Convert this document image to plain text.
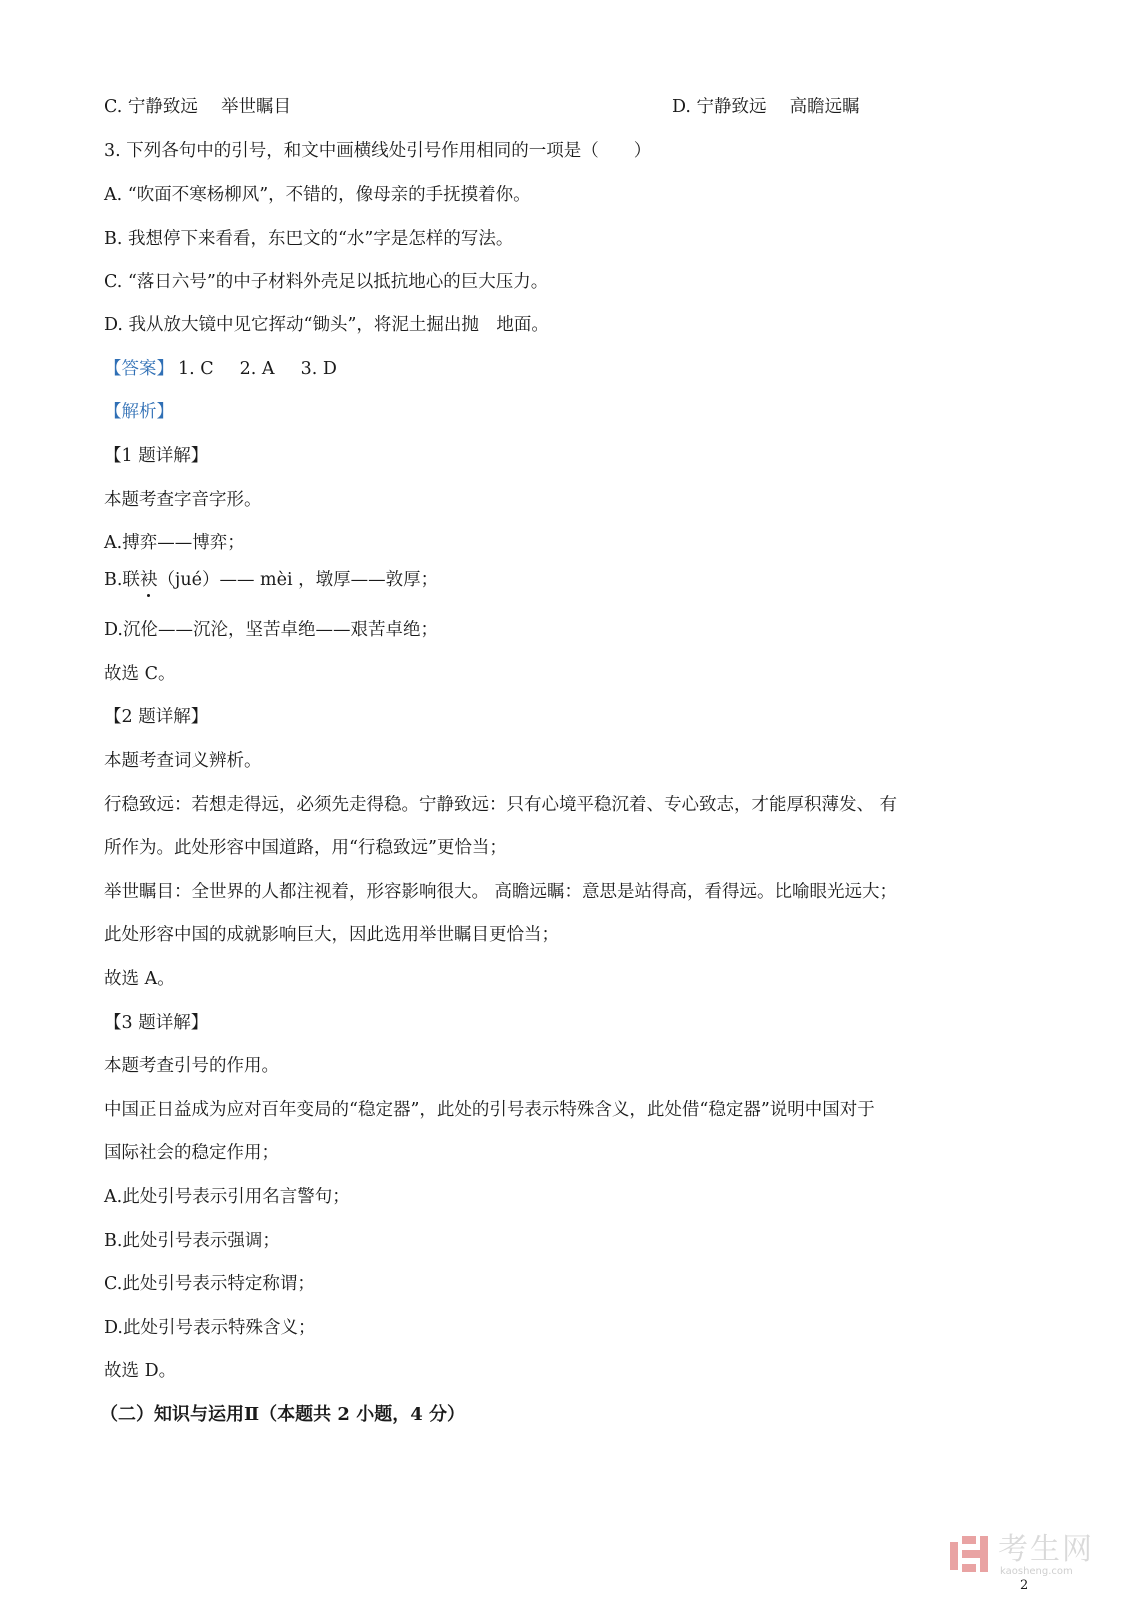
C. 宁静致远　 举世瞩目	D. 宁静致远　 高瞻远瞩
3. 下列各句中的引号，和文中画横线处引号作用相同的一项是（　　）
A. “吹面不寒杨柳风”，不错的，像母亲的手抚摸着你。
B. 我想停下来看看，东巴文的“水”字是怎样的写法。
C. “落日六号”的中子材料外壳足以抵抗地心的巨大压力。
D. 我从放大镜中见它挥动“锄头”，将泥土掘出抛　地面。
【答案】 1. C 2. A 3. D
【解析】
【1 题详解】
本题考查字音字形。
A.搏弈——博弈；
B.联袂（jué）—— mèi ，墩厚——敦厚；
D.沉伦——沉沦，坚苦卓绝——艰苦卓绝；
故选 C。
【2 题详解】
本题考查词义辨析。
行稳致远：若想走得远，必须先走得稳。宁静致远：只有心境平稳沉着、专心致志，才能厚积薄发、 有
所作为。此处形容中国道路，用“行稳致远”更恰当；
举世瞩目：全世界的人都注视着，形容影响很大。 高瞻远瞩：意思是站得高，看得远。比喻眼光远大；
此处形容中国的成就影响巨大，因此选用举世瞩目更恰当；
故选 A。
【3 题详解】
本题考查引号的作用。
中国正日益成为应对百年变局的“稳定器”，此处的引号表示特殊含义，此处借“稳定器”说明中国对于
国际社会的稳定作用；
A.此处引号表示引用名言警句；
B.此处引号表示强调；
C.此处引号表示特定称谓；
D.此处引号表示特殊含义；
故选 D。
（二）知识与运用Ⅱ（本题共 2 小题，4 分）
考生网
kaosheng.com
2
